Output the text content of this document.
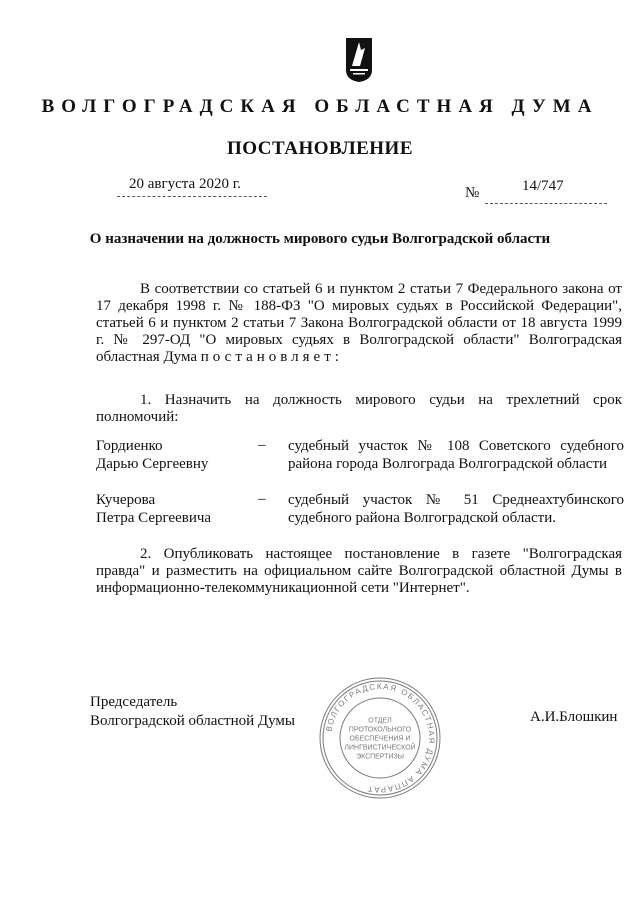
ВОЛГОГРАДСКАЯ ОБЛАСТНАЯ ДУМА
ПОСТАНОВЛЕНИЕ
20 августа 2020 г.
№	14/747
О назначении на должность мирового судьи Волгоградской области
В соответствии со статьей 6 и пунктом 2 статьи 7 Федерального закона от 17 декабря 1998 г. № 188-ФЗ "О мировых судьях в Российской Федерации", статьей 6 и пунктом 2 статьи 7 Закона Волгоградской области от 18 августа 1999 г. № 297-ОД "О мировых судьях в Волгоградской области" Волгоградская областная Дума постановляет:
1. Назначить на должность мирового судьи на трехлетний срок полномочий:
Гордиенко
Дарью Сергеевну
– судебный участок № 108 Советского судебного района города Волгограда Волгоградской области
Кучерова
Петра Сергеевича
– судебный участок № 51 Среднеахтубинского судебного района Волгоградской области.
2. Опубликовать настоящее постановление в газете "Волгоградская правда" и разместить на официальном сайте Волгоградской областной Думы в информационно-телекоммуникационной сети "Интернет".
Председатель
Волгоградской областной Думы	А.И.Блошкин
ВОЛГОГРАДСКАЯ ОБЛАСТНАЯ ДУМА АППАРАТ
ОТДЕЛ
ПРОТОКОЛЬНОГО
ОБЕСПЕЧЕНИЯ И
ЛИНГВИСТИЧЕСКОЙ
ЭКСПЕРТИЗЫ
